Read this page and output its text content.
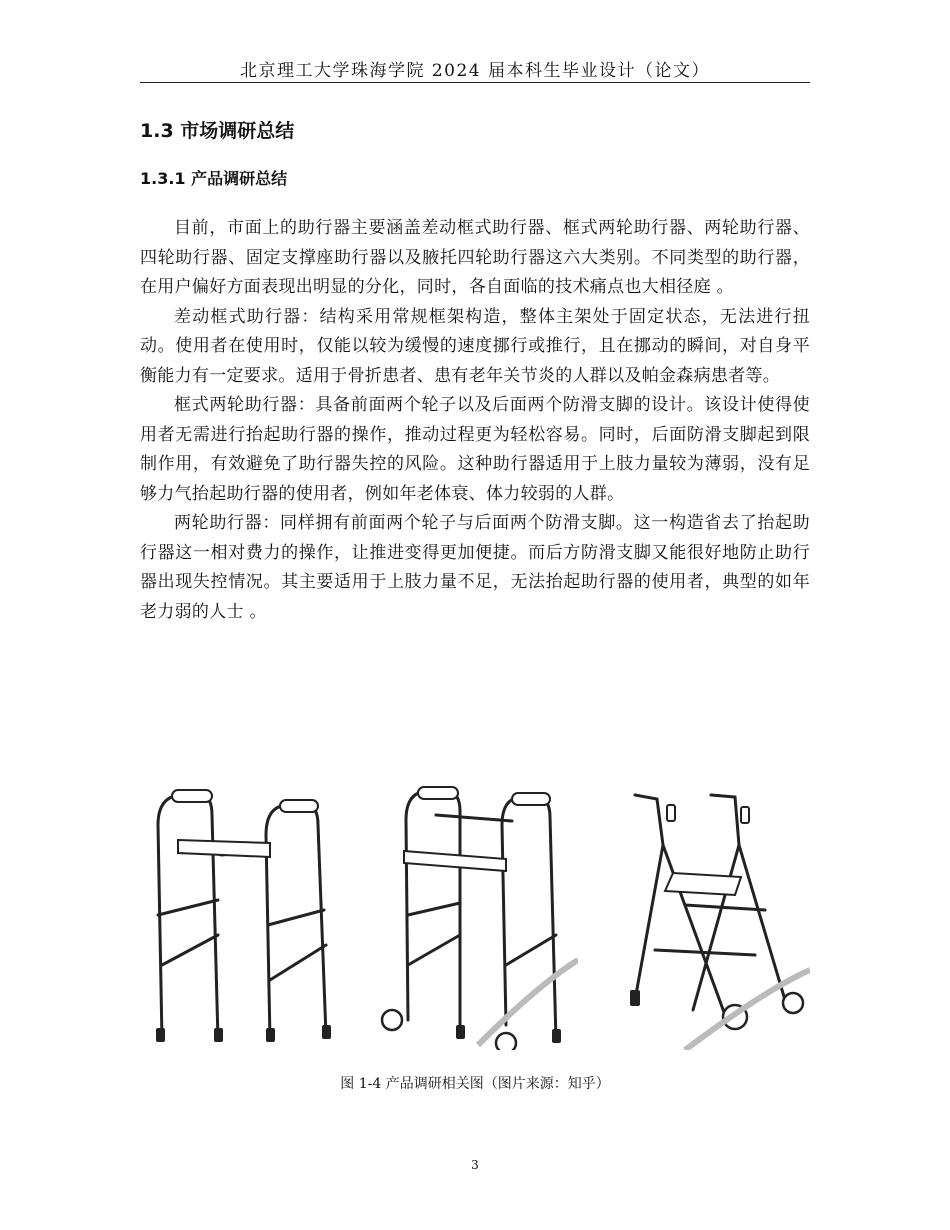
北京理工大学珠海学院 2024 届本科生毕业设计（论文）
1.3 市场调研总结
1.3.1 产品调研总结

目前，市面上的助行器主要涵盖差动框式助行器、框式两轮助行器、两轮助行器、四轮助行器、固定支撑座助行器以及腋托四轮助行器这六大类别。不同类型的助行器，在用户偏好方面表现出明显的分化，同时，各自面临的技术痛点也大相径庭 。

差动框式助行器：结构采用常规框架构造，整体主架处于固定状态，无法进行扭动。使用者在使用时，仅能以较为缓慢的速度挪行或推行，且在挪动的瞬间，对自身平衡能力有一定要求。适用于骨折患者、患有老年关节炎的人群以及帕金森病患者等。

框式两轮助行器：具备前面两个轮子以及后面两个防滑支脚的设计。该设计使得使用者无需进行抬起助行器的操作，推动过程更为轻松容易。同时，后面防滑支脚起到限制作用，有效避免了助行器失控的风险。这种助行器适用于上肢力量较为薄弱，没有足够力气抬起助行器的使用者，例如年老体衰、体力较弱的人群。

两轮助行器：同样拥有前面两个轮子与后面两个防滑支脚。这一构造省去了抬起助行器这一相对费力的操作，让推进变得更加便捷。而后方防滑支脚又能很好地防止助行器出现失控情况。其主要适用于上肢力量不足，无法抬起助行器的使用者，典型的如年老力弱的人士 。

图 1-4 产品调研相关图（图片来源：知乎）
3
